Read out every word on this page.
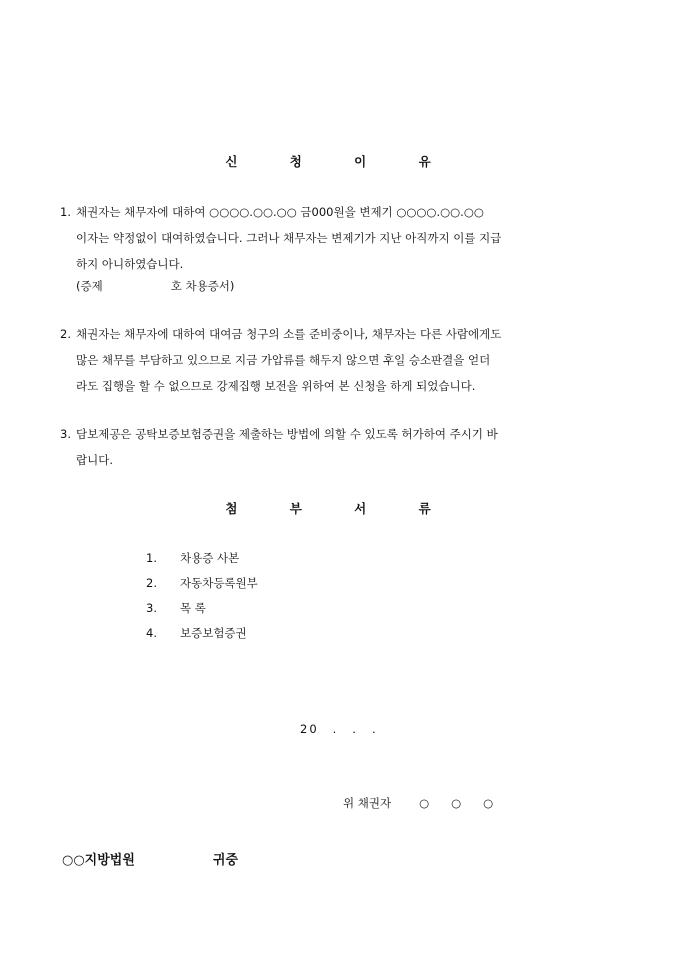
신 청 이 유
1. 채권자는 채무자에 대하여 ○○○○.○○.○○ 금000원을 변제기 ○○○○.○○.○○
이자는 약정없이 대여하였습니다. 그러나 채무자는 변제기가 지난 아직까지 이를 지급
하지 아니하였습니다.
(증제	호 차용증서)
2. 채권자는 채무자에 대하여 대여금 청구의 소를 준비중이나, 채무자는 다른 사람에게도
많은 채무를 부담하고 있으므로 지금 가압류를 해두지 않으면 후일 승소판결을 얻더
라도 집행을 할 수 없으므로 강제집행 보전을 위하여 본 신청을 하게 되었습니다.
3. 담보제공은 공탁보증보험증권을 제출하는 방법에 의할 수 있도록 허가하여 주시기 바
랍니다.
첨 부 서 류
1. 차용증 사본
2. 자동차등록원부
3. 목 록
4. 보증보험증권
20 . . .
위 채권자 ○○○
○○지방법원	귀중
